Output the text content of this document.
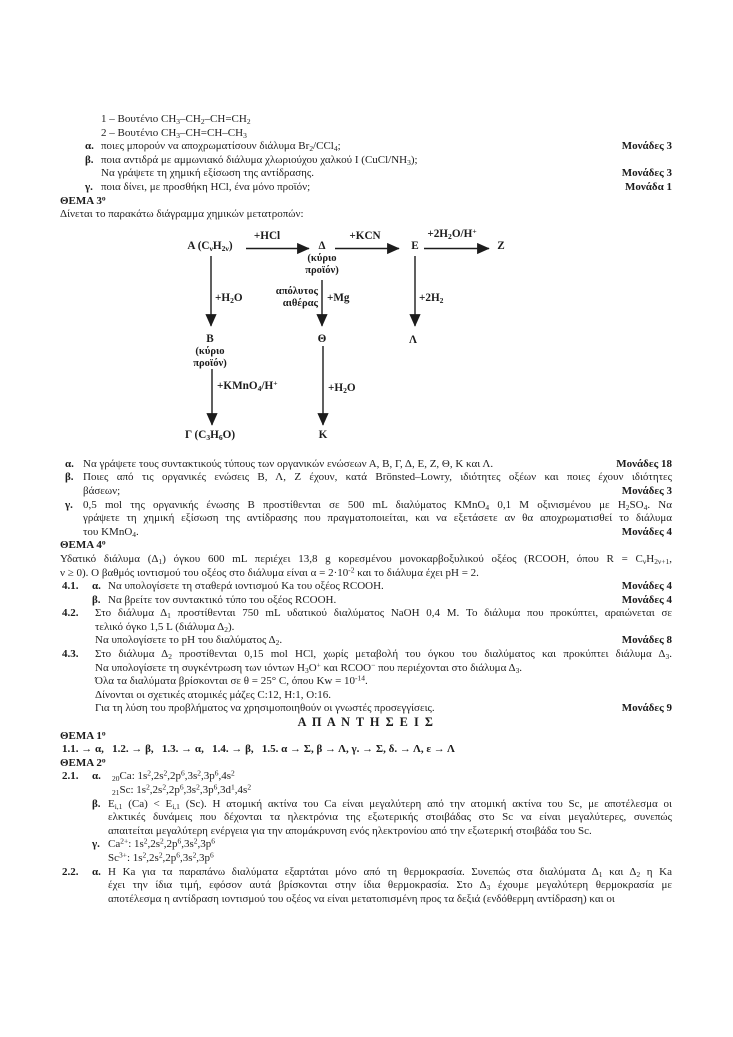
1 – Βουτένιο $CH_3-CH_2-CH=CH_2$
2 – Βουτένιο $CH_3-CH=CH-CH_3$
α. ποιες μπορούν να αποχρωματίσουν διάλυμα $Br_2/CCl_4$;	Μονάδες 3
β. ποια αντιδρά με αμμωνιακό διάλυμα χλωριούχου χαλκού I $(CuCl/NH_3)$;
Να γράψετε τη χημική εξίσωση της αντίδρασης.	Μονάδες 3
γ. ποια δίνει, με προσθήκη HCl, ένα μόνο προϊόν;	Μονάδα 1
ΘΕΜΑ $3^o$
Δίνεται το παρακάτω διάγραμμα χημικών μετατροπών:
A $(C_\nu H_{2\nu})$
+HCl
Δ
(κύριο
προϊόν)
+KCN
E
$+2H_2O/H^+$
Z
$+H_2O$
απόλυτος
αιθέρας
+Mg	$+2H_2$
B
(κύριο
προϊόν)
Θ	Λ
+KMnO$_4$/H+	$+H_2O$
Γ $(C_3H_6O)$	K
α. Να γράψετε τους συντακτικούς τύπους των οργανικών ενώσεων Α, Β, Γ, Δ, Ε, Ζ, Θ, Κ και Λ.	Μονάδες 18
β. Ποιες από τις οργανικές ενώσεις Β, Λ, Ζ έχουν, κατά Brönsted–Lowry, ιδιότητες οξέων και ποιες έχουν ιδιότητες
βάσεων;	Μονάδες 3
γ. 0,5 mol της οργανικής ένωσης Β προστίθενται σε 500 mL διαλύματος KMnO$_4$ 0,1 M οξινισμένου με $H_2SO_4$. Να
γράψετε τη χημική εξίσωση της αντίδρασης που πραγματοποιείται, και να εξετάσετε αν θα αποχρωματισθεί το διάλυμα
του KMnO$_4$.	Μονάδες 4
ΘΕΜΑ $4^o$
Υδατικό διάλυμα $(\Delta_1)$ όγκου 600 mL περιέχει 13,8 g κορεσμένου μονοκαρβοξυλικού οξέος (RCOOH, όπου $R = C_\nu H_{2\nu+1}$,
ν ≥ 0). Ο βαθμός ιοντισμού του οξέος στο διάλυμα είναι $\alpha = 2\cdot 10^{-2}$ και το διάλυμα έχει pH = 2.
4.1. α. Να υπολογίσετε τη σταθερά ιοντισμού Ka του οξέος RCOOH.	Μονάδες 4
β. Να βρείτε τον συντακτικό τύπο του οξέος RCOOH.	Μονάδες 4
4.2. Στο διάλυμα $\Delta_1$ προστίθενται 750 mL υδατικού διαλύματος NaOH 0,4 M. Το διάλυμα που προκύπτει, αραιώνεται σε
τελικό όγκο 1,5 L (διάλυμα $\Delta_2$).
Να υπολογίσετε το pH του διαλύματος $\Delta_2$.	Μονάδες 8
4.3. Στο διάλυμα $\Delta_2$ προστίθενται 0,15 mol HCl, χωρίς μεταβολή του όγκου του διαλύματος και προκύπτει διάλυμα $\Delta_3$.
Να υπολογίσετε τη συγκέντρωση των ιόντων $H_3O^+$ και RCOO− που περιέχονται στο διάλυμα $\Delta_3$.
Όλα τα διαλύματα βρίσκονται σε θ = 25° C, όπου $Kw = 10^{-14}$.
Δίνονται οι σχετικές ατομικές μάζες C:12, H:1, O:16.
Για τη λύση του προβλήματος να χρησιμοποιηθούν οι γνωστές προσεγγίσεις.	Μονάδες 9
Α Π Α Ν Τ Η Σ Ε Ι Σ
ΘΕΜΑ $1^o$
1.1. → α,   1.2. → β,   1.3. → α,   1.4. → β,   1.5. α → Σ, β → Λ, γ. → Σ, δ. → Λ, ε → Λ
ΘΕΜΑ $2^o$
2.1. α.	$_{20}$Ca: $1s^2,2s^2,2p^6,3s^2,3p^6,4s^2$
$_{21}$Sc: $1s^2,2s^2,2p^6,3s^2,3p^6,3d^1,4s^2$
β. $E_{i,1}$ $(Ca) < E_{i,1}$ (Sc). Η ατομική ακτίνα του Ca είναι μεγαλύτερη από την ατομική ακτίνα του Sc, με αποτέλεσμα οι
ελκτικές δυνάμεις που δέχονται τα ηλεκτρόνια της εξωτερικής στοιβάδας στο Sc να είναι μεγαλύτερες, συνεπώς
απαιτείται μεγαλύτερη ενέργεια για την απομάκρυνση ενός ηλεκτρονίου από την εξωτερική στοιβάδα του Sc.
γ. $Ca^{2+}$: $1s^2,2s^2,2p^6,3s^2,3p^6$
$Sc^{3+}$: $1s^2,2s^2,2p^6,3s^2,3p^6$
2.2. α. Η Ka για τα παραπάνω διαλύματα εξαρτάται μόνο από τη θερμοκρασία. Συνεπώς στα διαλύματα $\Delta_1$ και $\Delta_2$ η Ka
έχει την ίδια τιμή, εφόσον αυτά βρίσκονται στην ίδια θερμοκρασία. Στο $\Delta_3$ έχουμε μεγαλύτερη θερμοκρασία με
αποτέλεσμα η αντίδραση ιοντισμού του οξέος να είναι μετατοπισμένη προς τα δεξιά (ενδόθερμη αντίδραση) και οι
